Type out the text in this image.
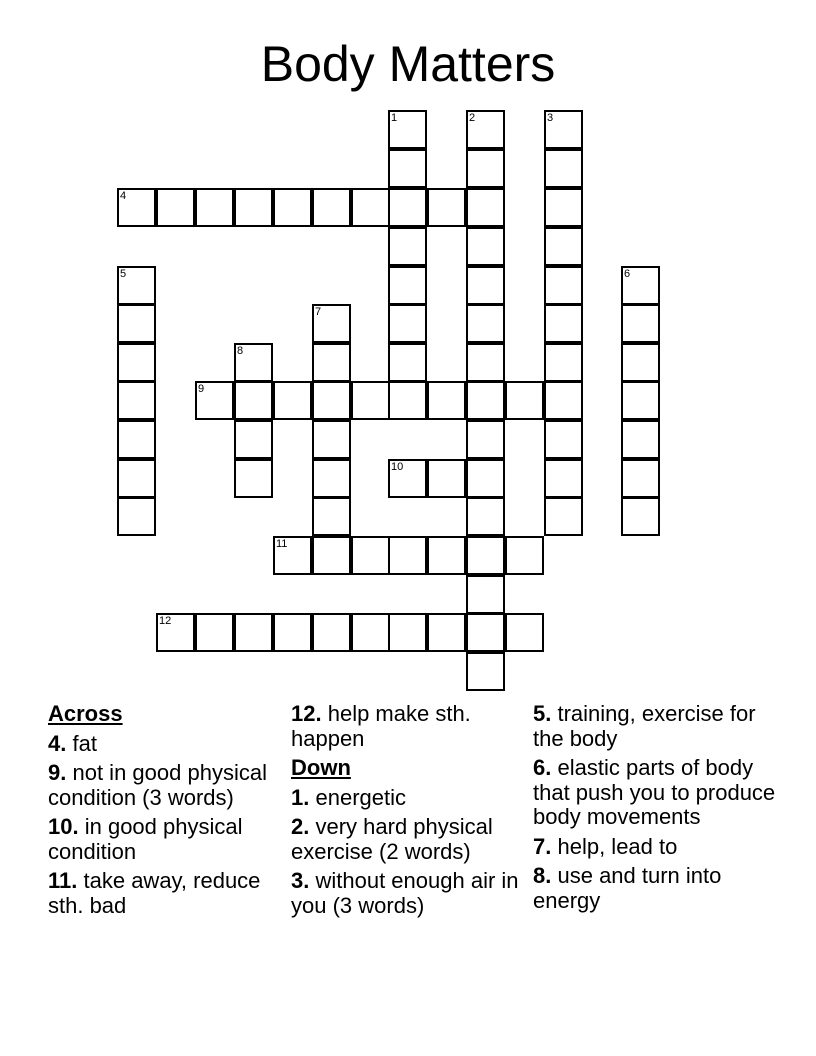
Body Matters
1	2	3
4
5	6
7
8
9
10
11
12
Across
4. fat
9. not in good physical condition (3 words)
10. in good physical condition
11. take away, reduce sth. bad
12. help make sth. happen
Down
1. energetic
2. very hard physical exercise (2 words)
3. without enough air in you (3 words)
5. training, exercise for the body
6. elastic parts of body that push you to produce body movements
7. help, lead to
8. use and turn into energy
